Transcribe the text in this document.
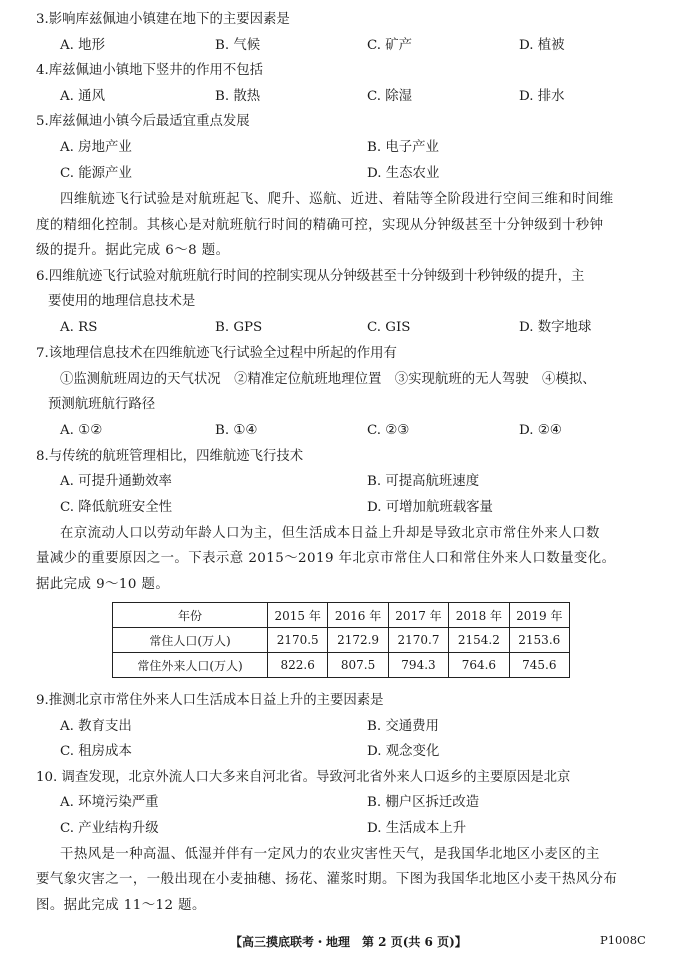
3.影响库兹佩迪小镇建在地下的主要因素是
A. 地形	B. 气候	C. 矿产	D. 植被
4.库兹佩迪小镇地下竖井的作用不包括
A. 通风	B. 散热	C. 除湿	D. 排水
5.库兹佩迪小镇今后最适宜重点发展
A. 房地产业	B. 电子产业
C. 能源产业	D. 生态农业
四维航迹飞行试验是对航班起飞、爬升、巡航、近进、着陆等全阶段进行空间三维和时间维
度的精细化控制。其核心是对航班航行时间的精确可控，实现从分钟级甚至十分钟级到十秒钟
级的提升。据此完成 6～8 题。
6.四维航迹飞行试验对航班航行时间的控制实现从分钟级甚至十分钟级到十秒钟级的提升，主
要使用的地理信息技术是
A. RS	B. GPS	C. GIS	D. 数字地球
7.该地理信息技术在四维航迹飞行试验全过程中所起的作用有
①监测航班周边的天气状况　②精准定位航班地理位置　③实现航班的无人驾驶　④模拟、
预测航班航行路径
A. ①②	B. ①④	C. ②③	D. ②④
8.与传统的航班管理相比，四维航迹飞行技术
A. 可提升通勤效率	B. 可提高航班速度
C. 降低航班安全性	D. 可增加航班载客量
在京流动人口以劳动年龄人口为主，但生活成本日益上升却是导致北京市常住外来人口数
量减少的重要原因之一。下表示意 2015～2019 年北京市常住人口和常住外来人口数量变化。
据此完成 9～10 题。
年份	2015 年	2016 年	2017 年	2018 年	2019 年
常住人口(万人)	2170.5	2172.9	2170.7	2154.2	2153.6
常住外来人口(万人)	822.6	807.5	794.3	764.6	745.6
9.推测北京市常住外来人口生活成本日益上升的主要因素是
A. 教育支出	B. 交通费用
C. 租房成本	D. 观念变化
10. 调查发现，北京外流人口大多来自河北省。导致河北省外来人口返乡的主要原因是北京
A. 环境污染严重	B. 棚户区拆迁改造
C. 产业结构升级	D. 生活成本上升
干热风是一种高温、低湿并伴有一定风力的农业灾害性天气，是我国华北地区小麦区的主
要气象灾害之一，一般出现在小麦抽穗、扬花、灌浆时期。下图为我国华北地区小麦干热风分布
图。据此完成 11～12 题。
【高三摸底联考・地理　第 2 页(共 6 页)】	P1008C
